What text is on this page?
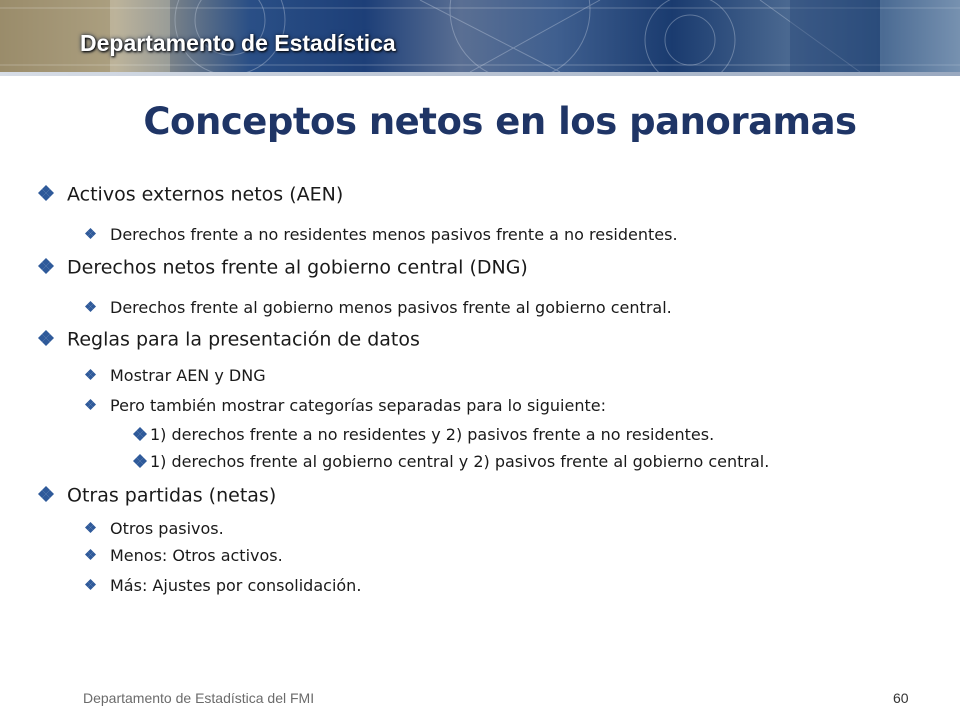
Departamento de Estadística
Conceptos netos en los panoramas
Activos externos netos (AEN)
Derechos frente a no residentes menos pasivos frente a no residentes.
Derechos netos frente al gobierno central (DNG)
Derechos frente al gobierno menos pasivos frente al gobierno central.
Reglas para la presentación de datos
Mostrar AEN y DNG
Pero también mostrar categorías separadas para lo siguiente:
1) derechos frente a no residentes y 2) pasivos frente a no residentes.
1) derechos frente al gobierno central y 2) pasivos frente al gobierno central.
Otras partidas (netas)
Otros pasivos.
Menos: Otros activos.
Más: Ajustes por consolidación.
Departamento de Estadística del FMI	60
